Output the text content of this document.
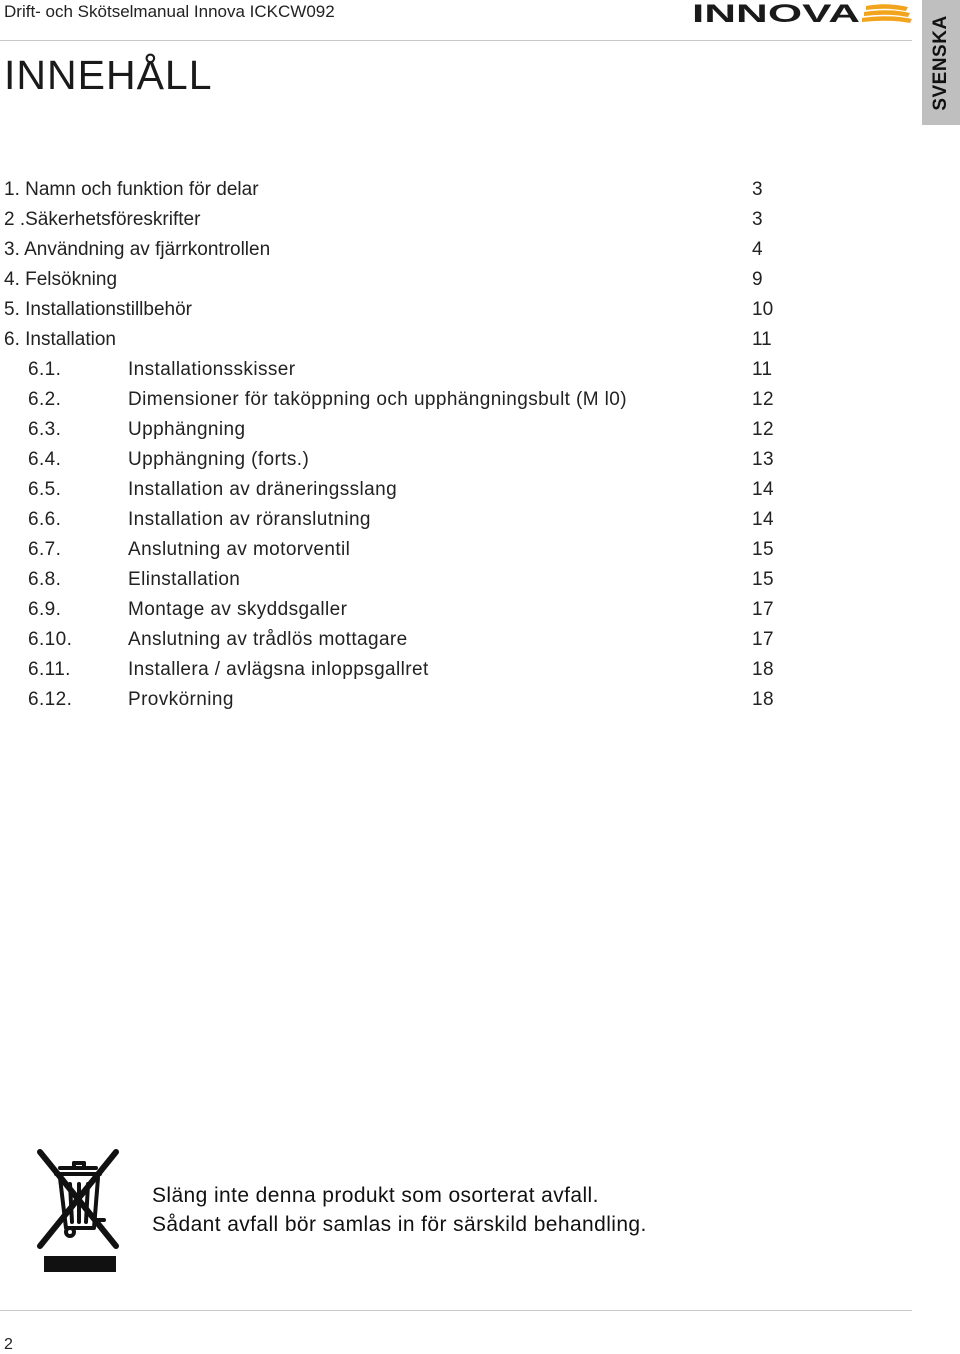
Drift- och Skötselmanual Innova ICKCW092	INNOVA
SVENSKA
INNEHÅLL
1. Namn och funktion för delar	3
2 .Säkerhetsföreskrifter	3
3. Användning av fjärrkontrollen	4
4. Felsökning	9
5. Installationstillbehör	10
6. Installation	11
6.1.	Installationsskisser	11
6.2.	Dimensioner för taköppning och upphängningsbult (M l0)	12
6.3.	Upphängning	12
6.4.	Upphängning (forts.)	13
6.5.	Installation av dräneringsslang	14
6.6.	Installation av röranslutning	14
6.7.	Anslutning av motorventil	15
6.8.	Elinstallation	15
6.9.	Montage av skyddsgaller	17
6.10.	Anslutning av trådlös mottagare	17
6.11.	Installera / avlägsna inloppsgallret	18
6.12.	Provkörning	18
Släng inte denna produkt som osorterat avfall.
Sådant avfall bör samlas in för särskild behandling.
2
